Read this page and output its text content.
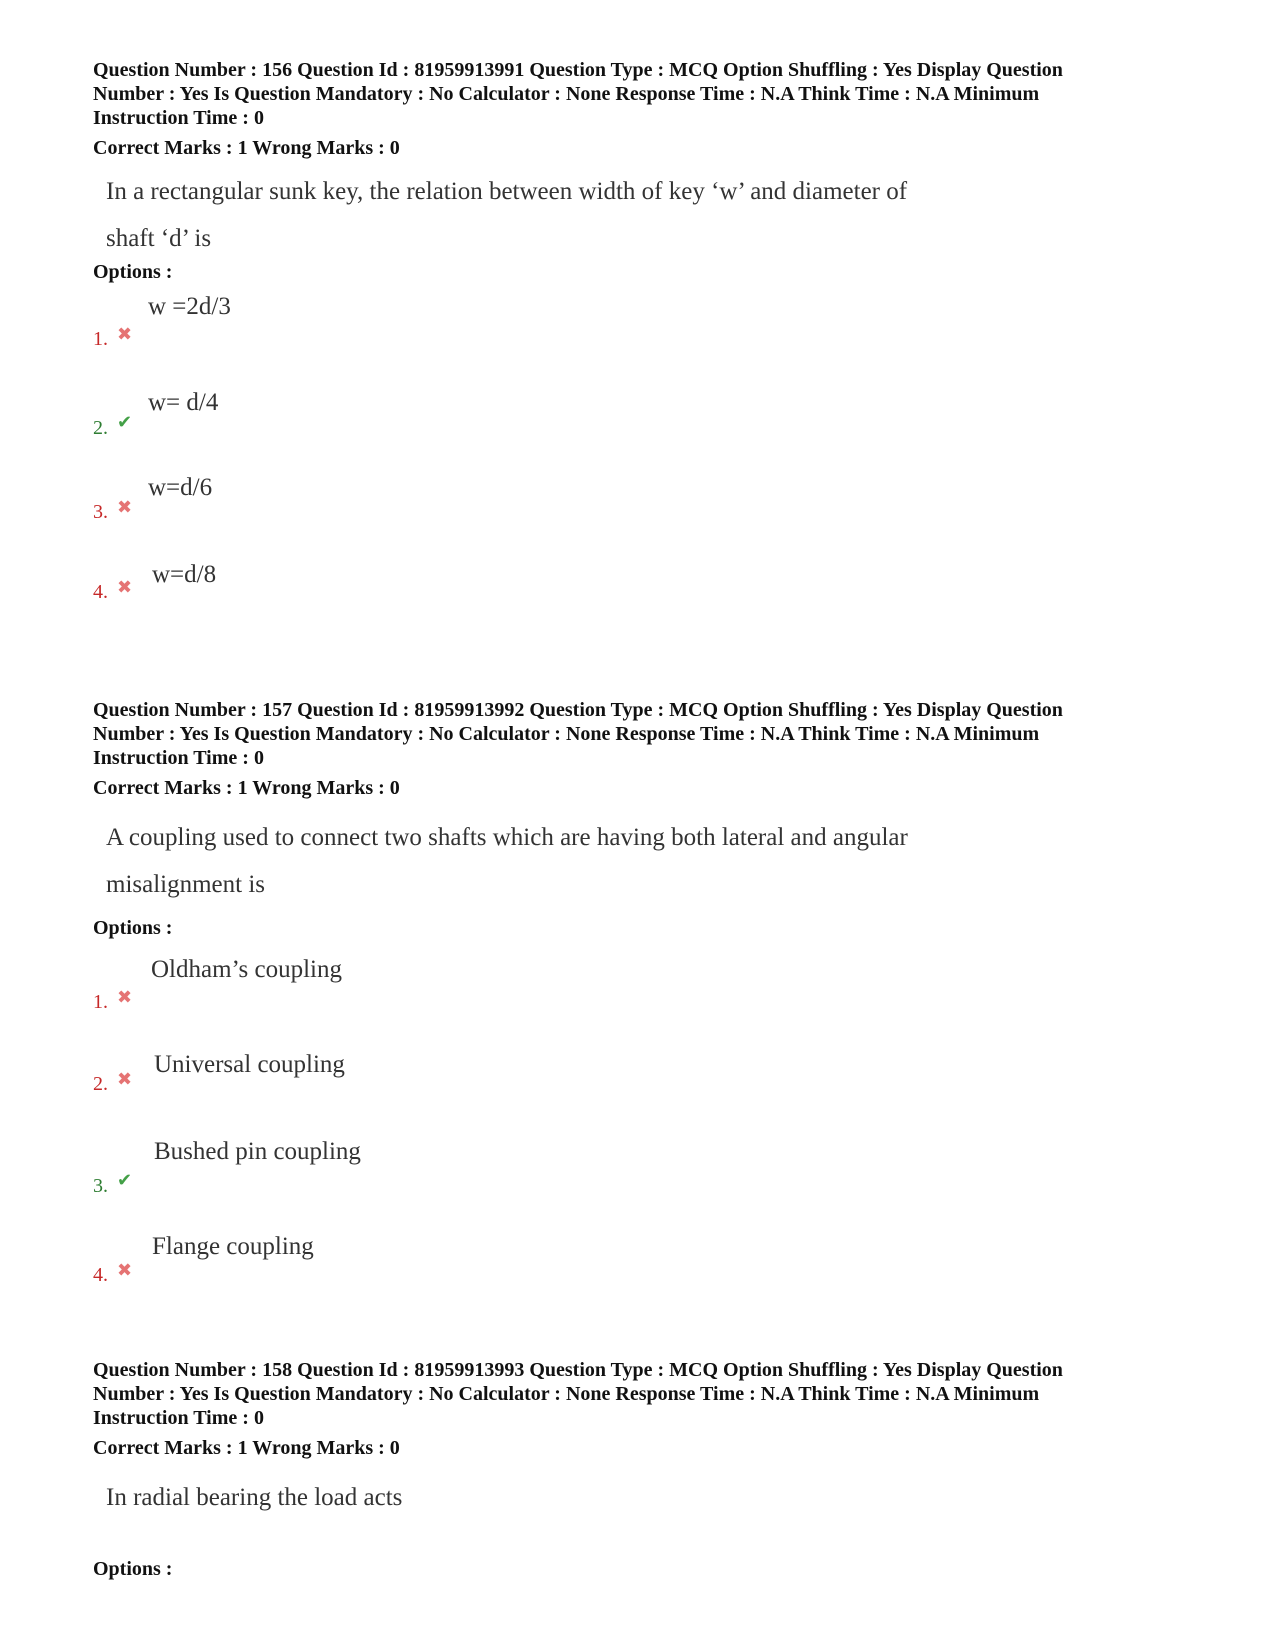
Question Number : 156 Question Id : 81959913991 Question Type : MCQ Option Shuffling : Yes Display Question
Number : Yes Is Question Mandatory : No Calculator : None Response Time : N.A Think Time : N.A Minimum
Instruction Time : 0
Correct Marks : 1 Wrong Marks : 0
In a rectangular sunk key, the relation between width of key ‘w’ and diameter of
shaft ‘d’ is
Options :
w =2d/3
1. ✖
w= d/4
2. ✔
w=d/6
3. ✖
w=d/8
4. ✖
Question Number : 157 Question Id : 81959913992 Question Type : MCQ Option Shuffling : Yes Display Question
Number : Yes Is Question Mandatory : No Calculator : None Response Time : N.A Think Time : N.A Minimum
Instruction Time : 0
Correct Marks : 1 Wrong Marks : 0
A coupling used to connect two shafts which are having both lateral and angular
misalignment is
Options :
Oldham’s coupling
1. ✖
Universal coupling
2. ✖
Bushed pin coupling
3. ✔
Flange coupling
4. ✖
Question Number : 158 Question Id : 81959913993 Question Type : MCQ Option Shuffling : Yes Display Question
Number : Yes Is Question Mandatory : No Calculator : None Response Time : N.A Think Time : N.A Minimum
Instruction Time : 0
Correct Marks : 1 Wrong Marks : 0
In radial bearing the load acts
Options :
